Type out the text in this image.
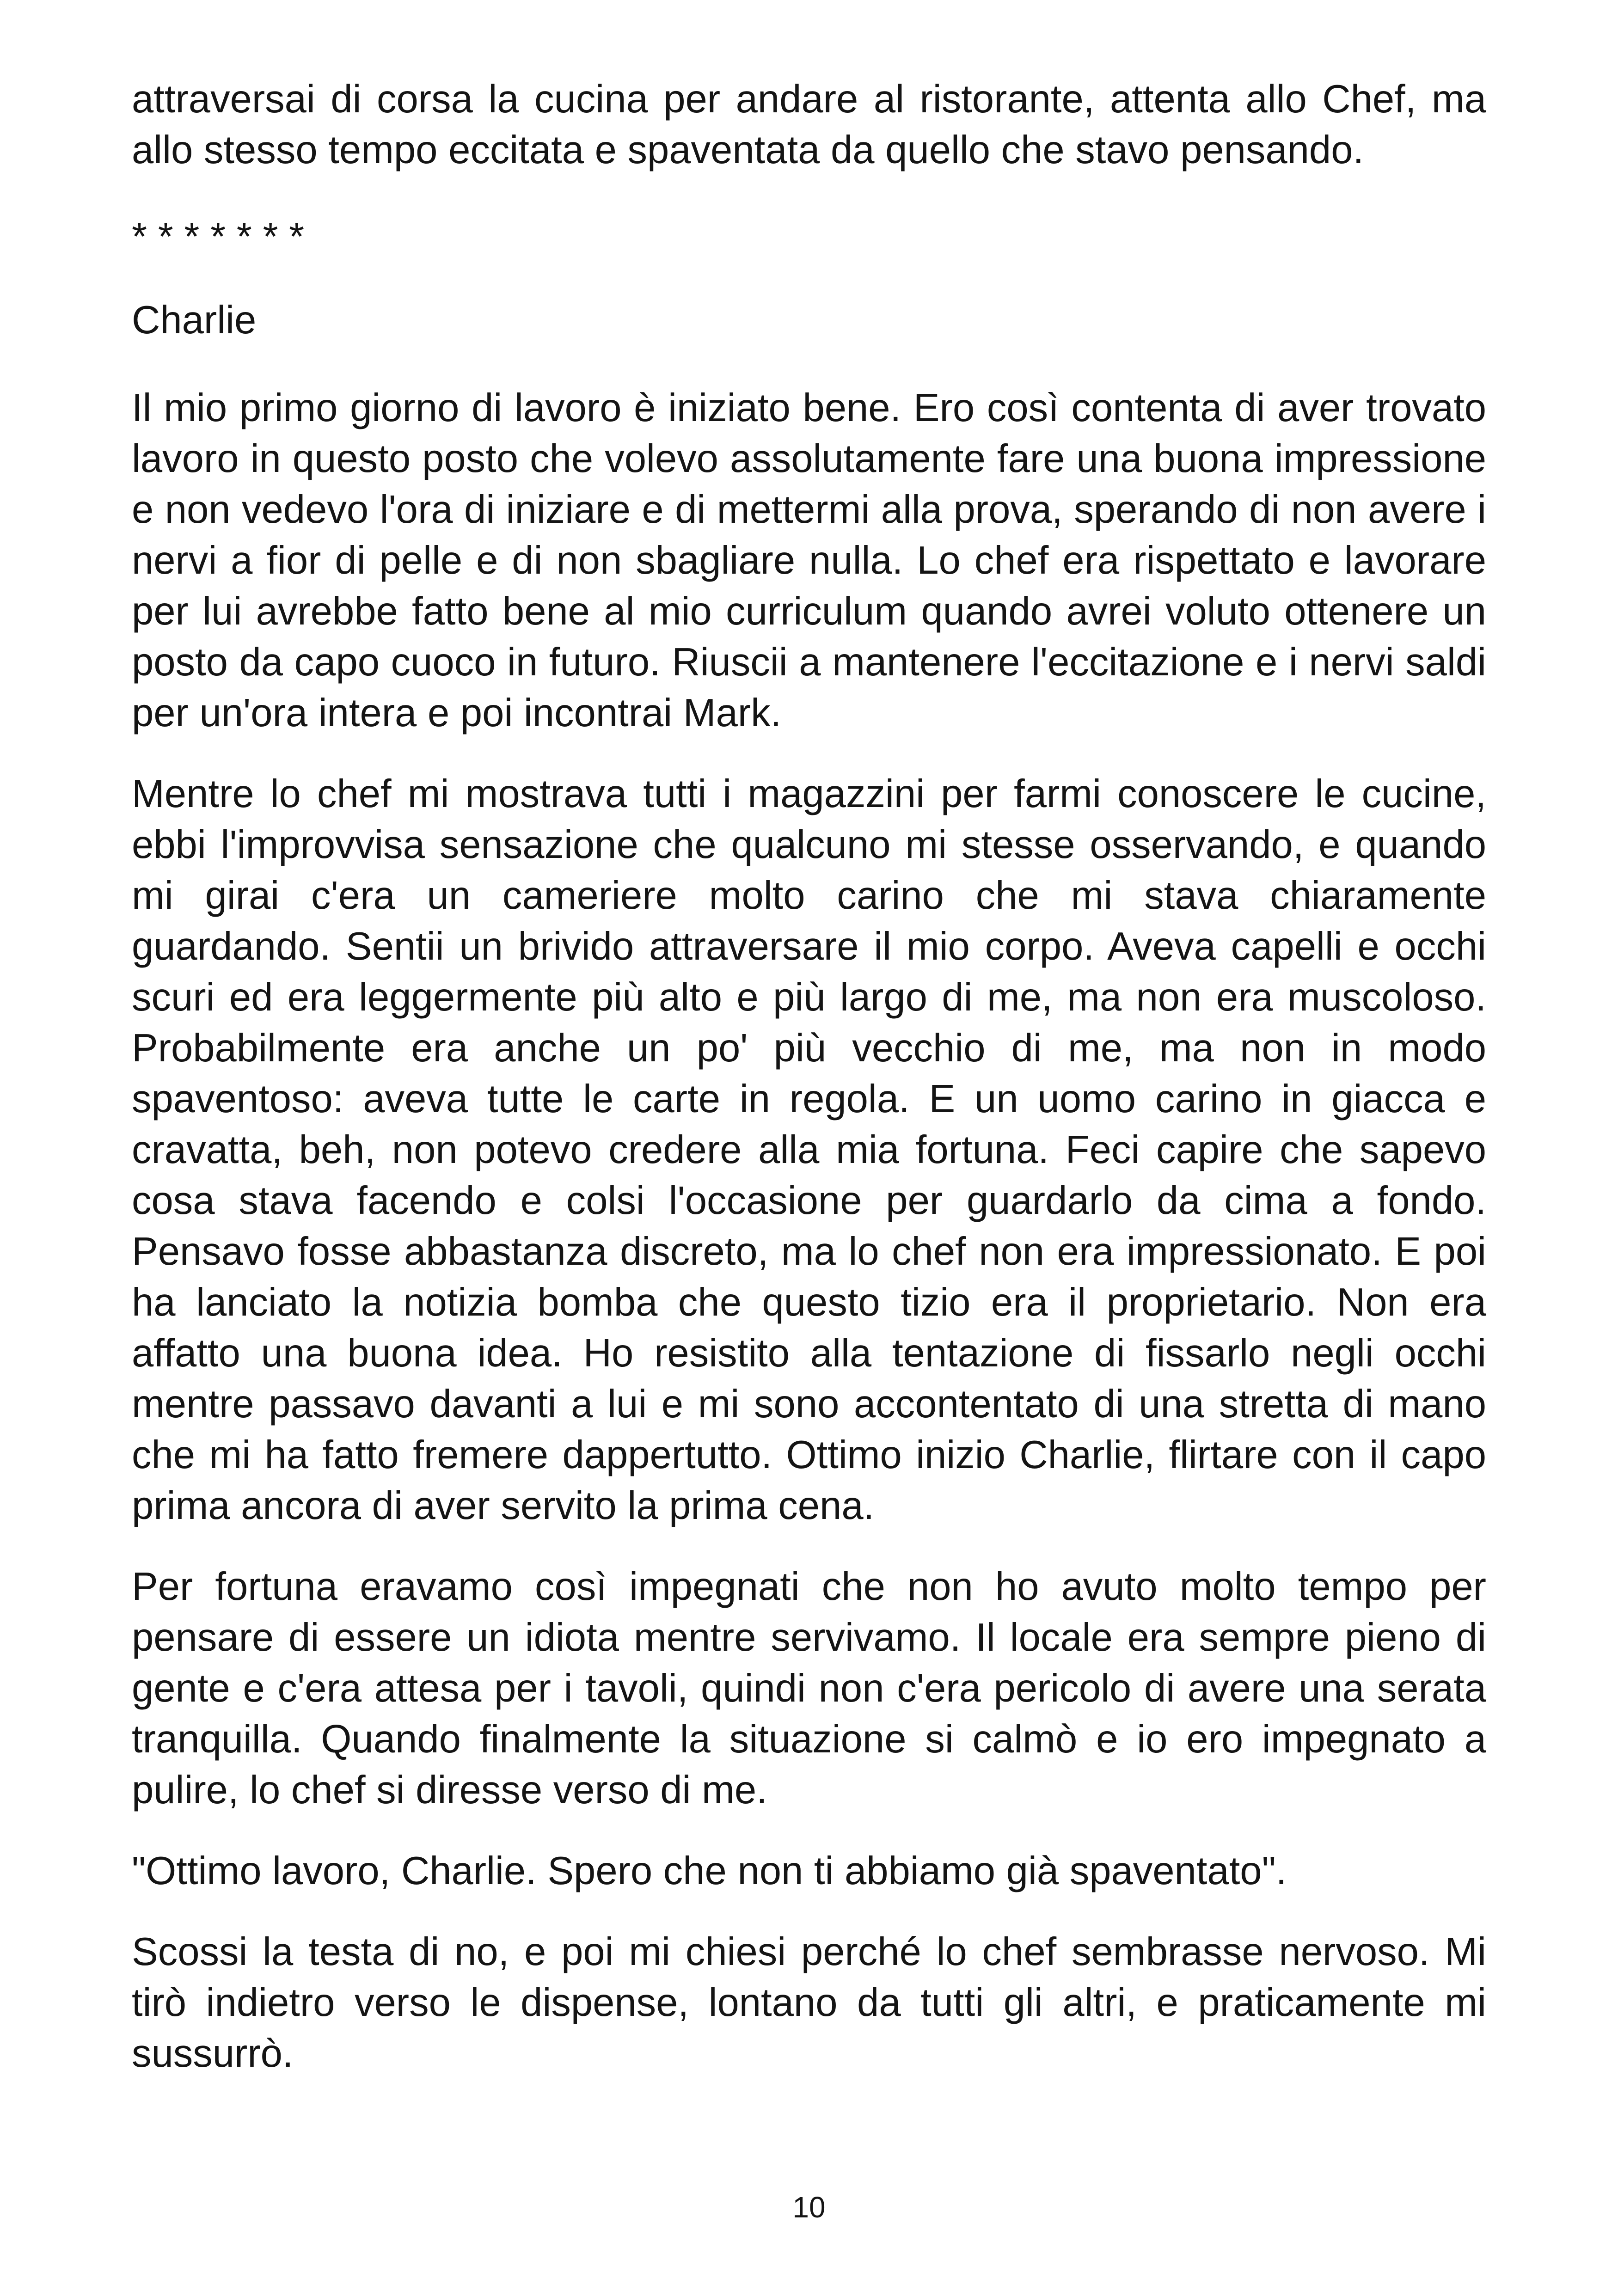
attraversai di corsa la cucina per andare al ristorante, attenta allo Chef, ma allo stesso tempo eccitata e spaventata da quello che stavo pensando.

* * * * * * *
Charlie

Il mio primo giorno di lavoro è iniziato bene. Ero così contenta di aver trovato lavoro in questo posto che volevo assolutamente fare una buona impressione e non vedevo l'ora di iniziare e di mettermi alla prova, sperando di non avere i nervi a fior di pelle e di non sbagliare nulla. Lo chef era rispettato e lavorare per lui avrebbe fatto bene al mio curriculum quando avrei voluto ottenere un posto da capo cuoco in futuro. Riuscii a mantenere l'eccitazione e i nervi saldi per un'ora intera e poi incontrai Mark.

Mentre lo chef mi mostrava tutti i magazzini per farmi conoscere le cucine, ebbi l'improvvisa sensazione che qualcuno mi stesse osservando, e quando mi girai c'era un cameriere molto carino che mi stava chiaramente guardando. Sentii un brivido attraversare il mio corpo. Aveva capelli e occhi scuri ed era leggermente più alto e più largo di me, ma non era muscoloso. Probabilmente era anche un po' più vecchio di me, ma non in modo spaventoso: aveva tutte le carte in regola. E un uomo carino in giacca e cravatta, beh, non potevo credere alla mia fortuna. Feci capire che sapevo cosa stava facendo e colsi l'occasione per guardarlo da cima a fondo. Pensavo fosse abbastanza discreto, ma lo chef non era impressionato. E poi ha lanciato la notizia bomba che questo tizio era il proprietario. Non era affatto una buona idea. Ho resistito alla tentazione di fissarlo negli occhi mentre passavo davanti a lui e mi sono accontentato di una stretta di mano che mi ha fatto fremere dappertutto. Ottimo inizio Charlie, flirtare con il capo prima ancora di aver servito la prima cena.

Per fortuna eravamo così impegnati che non ho avuto molto tempo per pensare di essere un idiota mentre servivamo. Il locale era sempre pieno di gente e c'era attesa per i tavoli, quindi non c'era pericolo di avere una serata tranquilla. Quando finalmente la situazione si calmò e io ero impegnato a pulire, lo chef si diresse verso di me.

"Ottimo lavoro, Charlie. Spero che non ti abbiamo già spaventato".

Scossi la testa di no, e poi mi chiesi perché lo chef sembrasse nervoso. Mi tirò indietro verso le dispense, lontano da tutti gli altri, e praticamente mi sussurrò.

10
